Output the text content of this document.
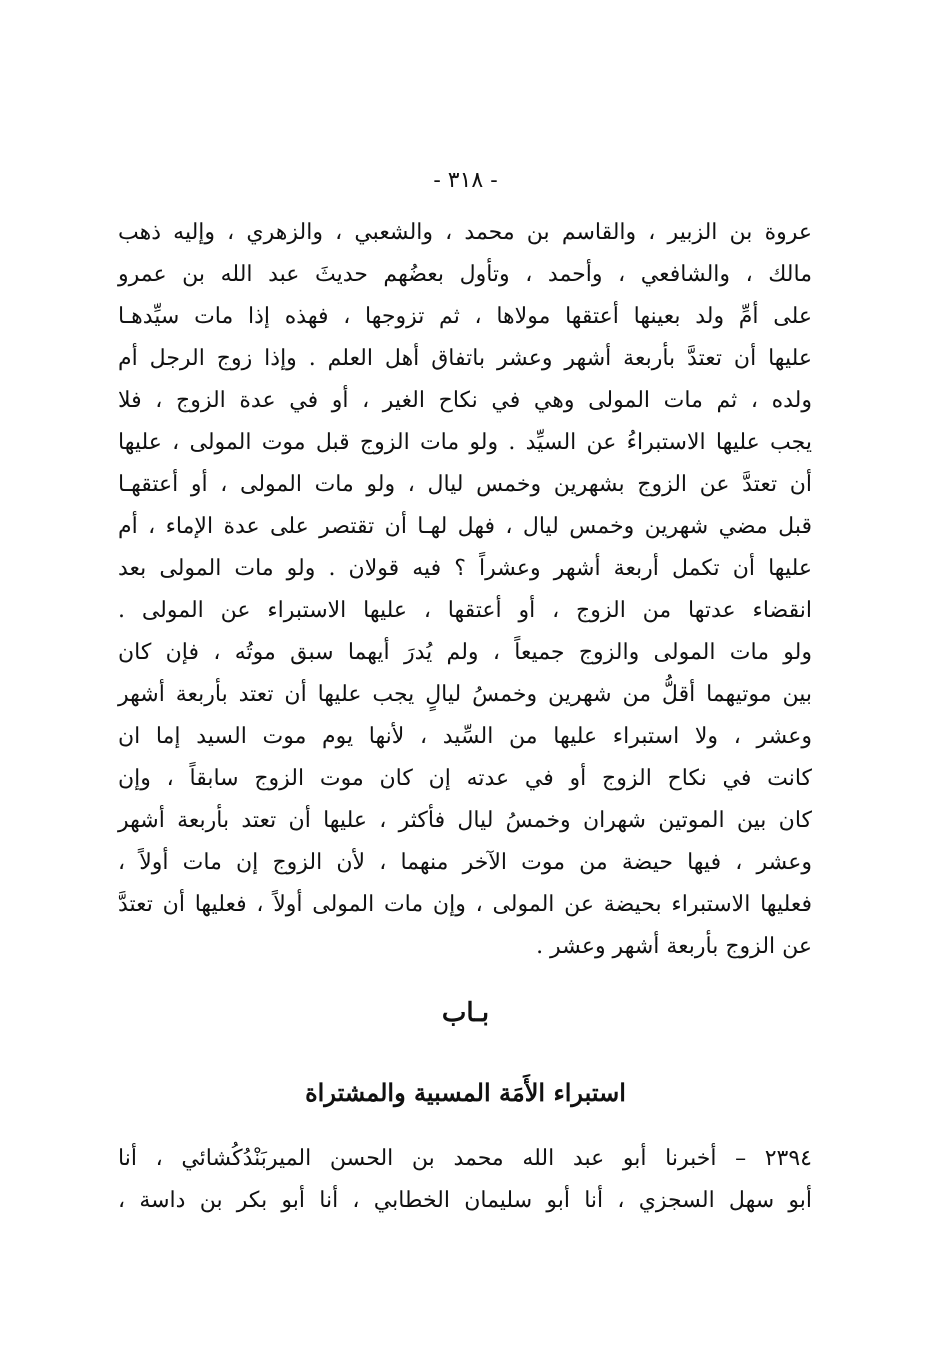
- ٣١٨ -
عروة بن الزبير ، والقاسم بن محمد ، والشعبي ، والزهري ، وإليه ذهب
مالك ، والشافعي ، وأحمد ، وتأول بعضُهم حديثَ عبد الله بن عمرو
على أمِّ ولد بعينها أعتقها مولاها ، ثم تزوجها ، فهذه إذا مات سيِّدهـا
عليها أن تعتدَّ بأربعة أشهر وعشر باتفاق أهل العلم . وإذا زوج الرجل أم
ولده ، ثم مات المولى وهي في نكاح الغير ، أو في عدة الزوج ، فلا
يجب عليها الاستبراءُ عن السيِّد . ولو مات الزوج قبل موت المولى ، عليها
أن تعتدَّ عن الزوج بشهرين وخمس ليال ، ولو مات المولى ، أو أعتقهـا
قبل مضي شهرين وخمس ليال ، فهل لهـا أن تقتصر على عدة الإماء ، أم
عليها أن تكمل أربعة أشهر وعشراً ؟ فيه قولان . ولو مات المولى بعد
انقضاء عدتها من الزوج ، أو أعتقها ، عليها الاستبراء عن المولى .
ولو مات المولى والزوج جميعاً ، ولم يُدرَ أيهما سبق موتُه ، فإن كان
بين موتيهما أقلُّ من شهرين وخمسُ ليالٍ يجب عليها أن تعتد بأربعة أشهر
وعشر ، ولا استبراء عليها من السِّيد ، لأنها يوم موت السيد إما ان
كانت في نكاح الزوج أو في عدته إن كان موت الزوج سابقاً ، وإن
كان بين الموتين شهران وخمسُ ليال فأكثر ، عليها أن تعتد بأربعة أشهر
وعشر ، فيها حيضة من موت الآخر منهما ، لأن الزوج إن مات أولاً ،
فعليها الاستبراء بحيضة عن المولى ، وإن مات المولى أولاً ، فعليها أن تعتدَّ
عن الزوج بأربعة أشهر وعشر .
بـاب
استبراء الأَمَة المسبية والمشتراة
٢٣٩٤ – أخبرنا أبو عبد الله محمد بن الحسن الميربَنْدُكُشائي ، أنا
أبو سهل السجزي ، أنا أبو سليمان الخطابي ، أنا أبو بكر بن داسة ،
